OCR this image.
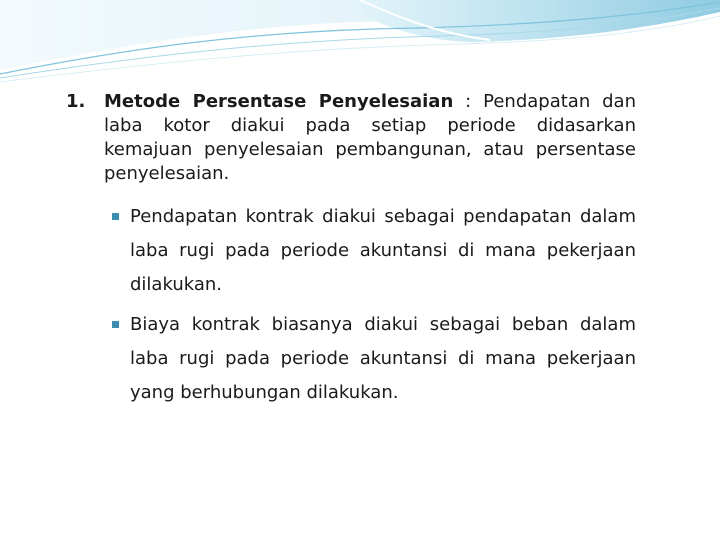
1.	Metode Persentase Penyelesaian : Pendapatan dan laba kotor diakui pada setiap periode didasarkan kemajuan penyelesaian pembangunan, atau persentase penyelesaian.
Pendapatan kontrak diakui sebagai pendapatan dalam laba rugi pada periode akuntansi di mana pekerjaan dilakukan.
Biaya kontrak biasanya diakui sebagai beban dalam laba rugi pada periode akuntansi di mana pekerjaan yang berhubungan dilakukan.
